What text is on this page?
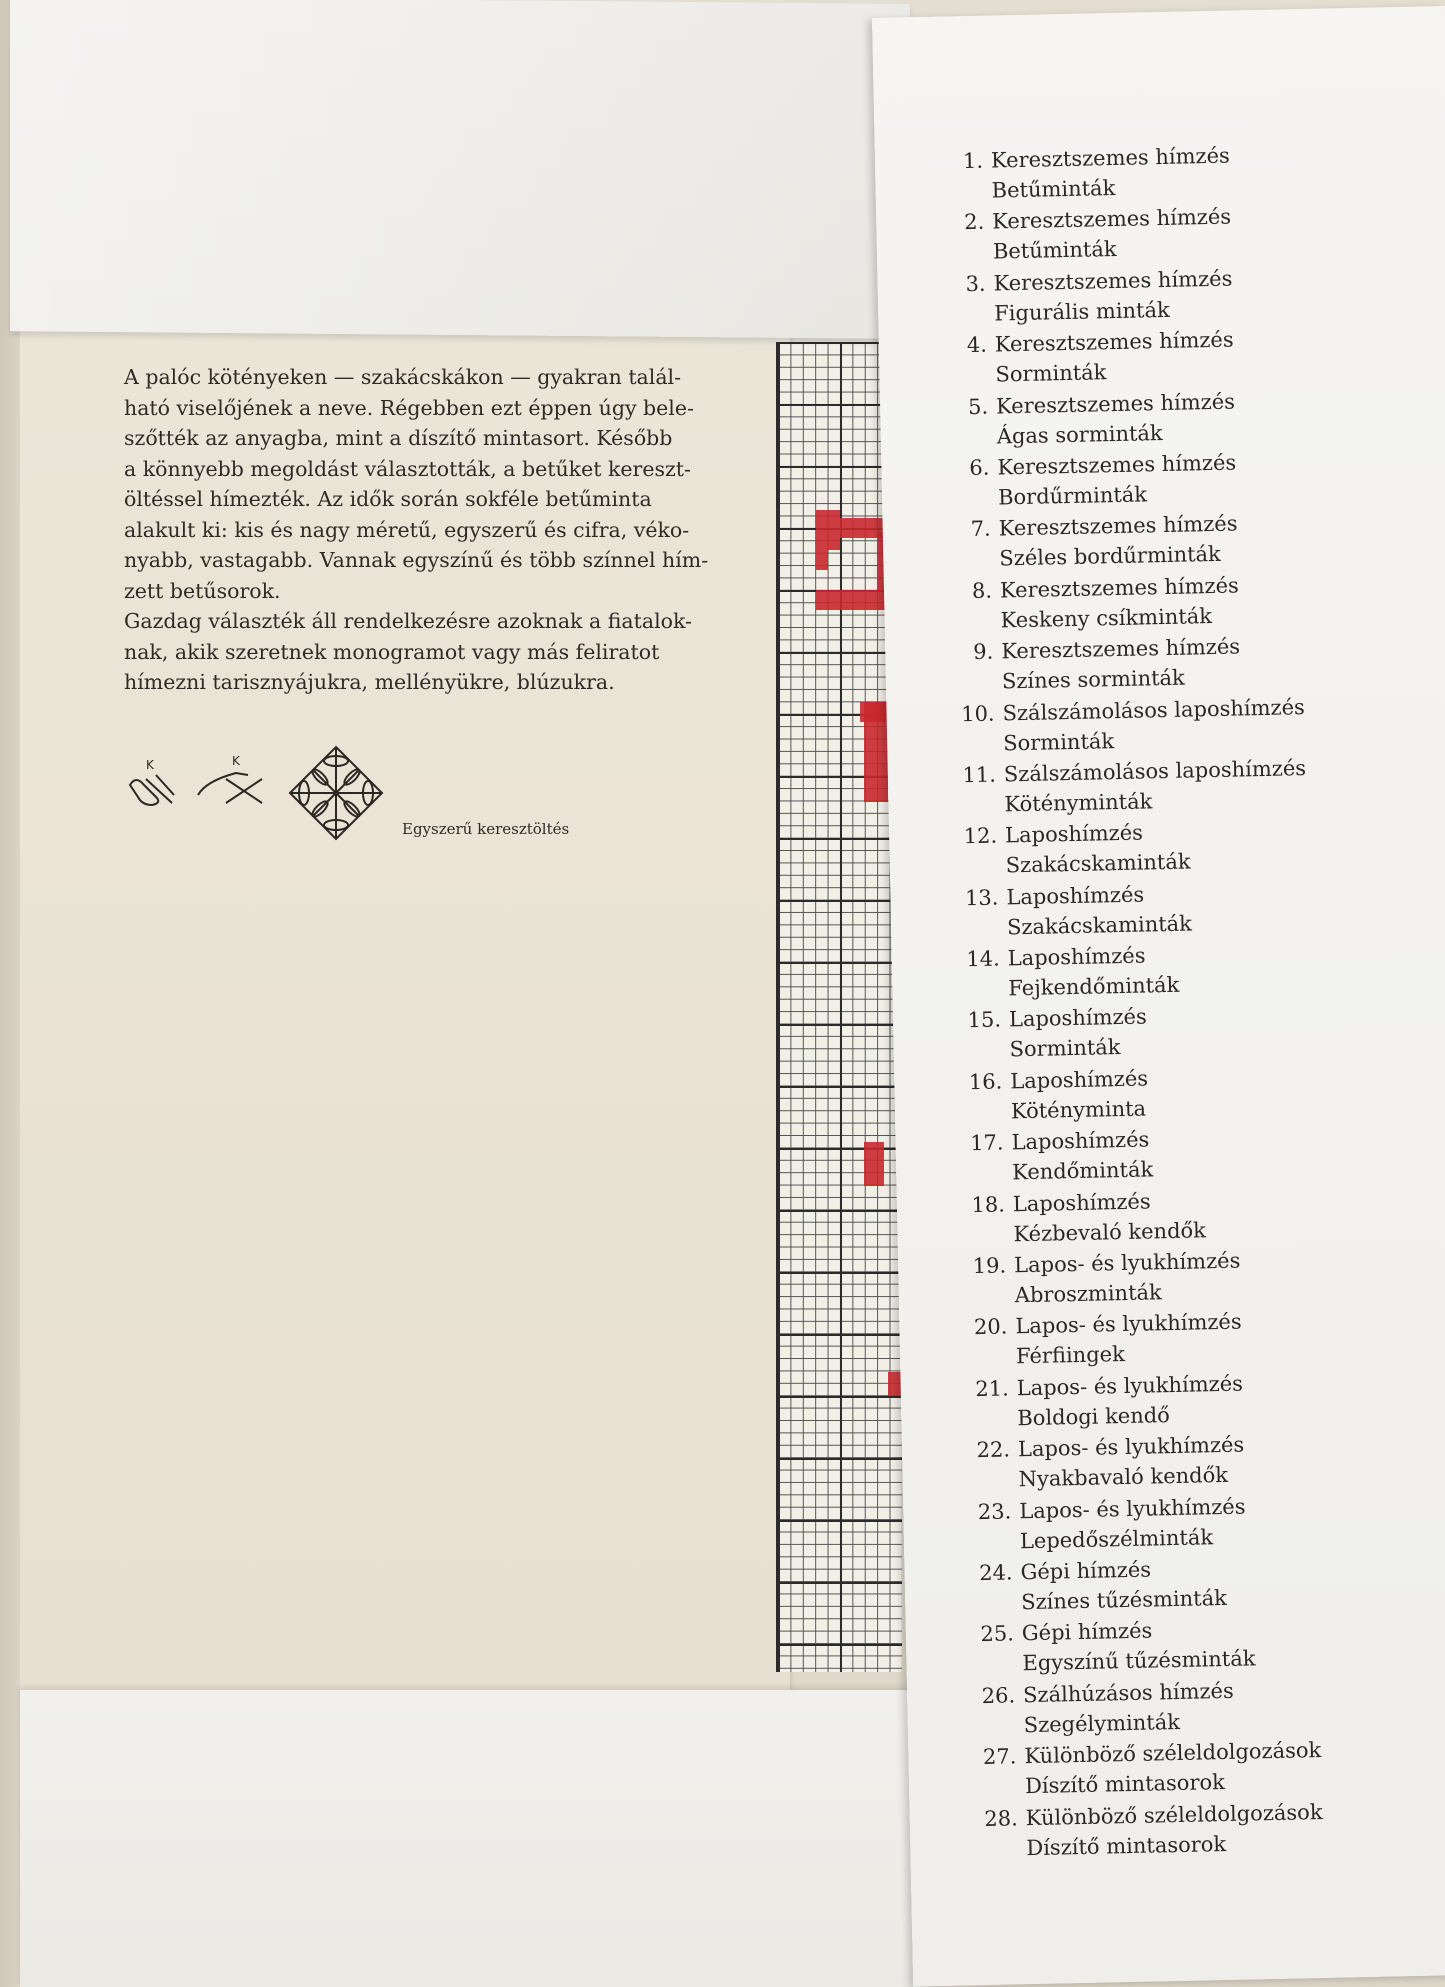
A palóc kötényeken — szakácskákon — gyakran talál-
ható viselőjének a neve. Régebben ezt éppen úgy bele-
szőtték az anyagba, mint a díszítő mintasort. Később
a könnyebb megoldást választották, a betűket kereszt-
öltéssel hímezték. Az idők során sokféle betűminta
alakult ki: kis és nagy méretű, egyszerű és cifra, véko-
nyabb, vastagabb. Vannak egyszínű és több színnel hím-
zett betűsorok.
Gazdag választék áll rendelkezésre azoknak a fiatalok-
nak, akik szeretnek monogramot vagy más feliratot
hímezni tarisznyájukra, mellényükre, blúzukra.
K	K
Egyszerű keresztöltés
1. Keresztszemes hímzés
Betűminták
2. Keresztszemes hímzés
Betűminták
3. Keresztszemes hímzés
Figurális minták
4. Keresztszemes hímzés
Sorminták
5. Keresztszemes hímzés
Ágas sorminták
6. Keresztszemes hímzés
Bordűrminták
7. Keresztszemes hímzés
Széles bordűrminták
8. Keresztszemes hímzés
Keskeny csíkminták
9. Keresztszemes hímzés
Színes sorminták
10. Szálszámolásos laposhímzés
Sorminták
11. Szálszámolásos laposhímzés
Kötényminták
12. Laposhímzés
Szakácskaminták
13. Laposhímzés
Szakácskaminták
14. Laposhímzés
Fejkendőminták
15. Laposhímzés
Sorminták
16. Laposhímzés
Kötényminta
17. Laposhímzés
Kendőminták
18. Laposhímzés
Kézbevaló kendők
19. Lapos- és lyukhímzés
Abroszminták
20. Lapos- és lyukhímzés
Férfiingek
21. Lapos- és lyukhímzés
Boldogi kendő
22. Lapos- és lyukhímzés
Nyakbavaló kendők
23. Lapos- és lyukhímzés
Lepedőszélminták
24. Gépi hímzés
Színes tűzésminták
25. Gépi hímzés
Egyszínű tűzésminták
26. Szálhúzásos hímzés
Szegélyminták
27. Különböző széleldolgozások
Díszítő mintasorok
28. Különböző széleldolgozások
Díszítő mintasorok
